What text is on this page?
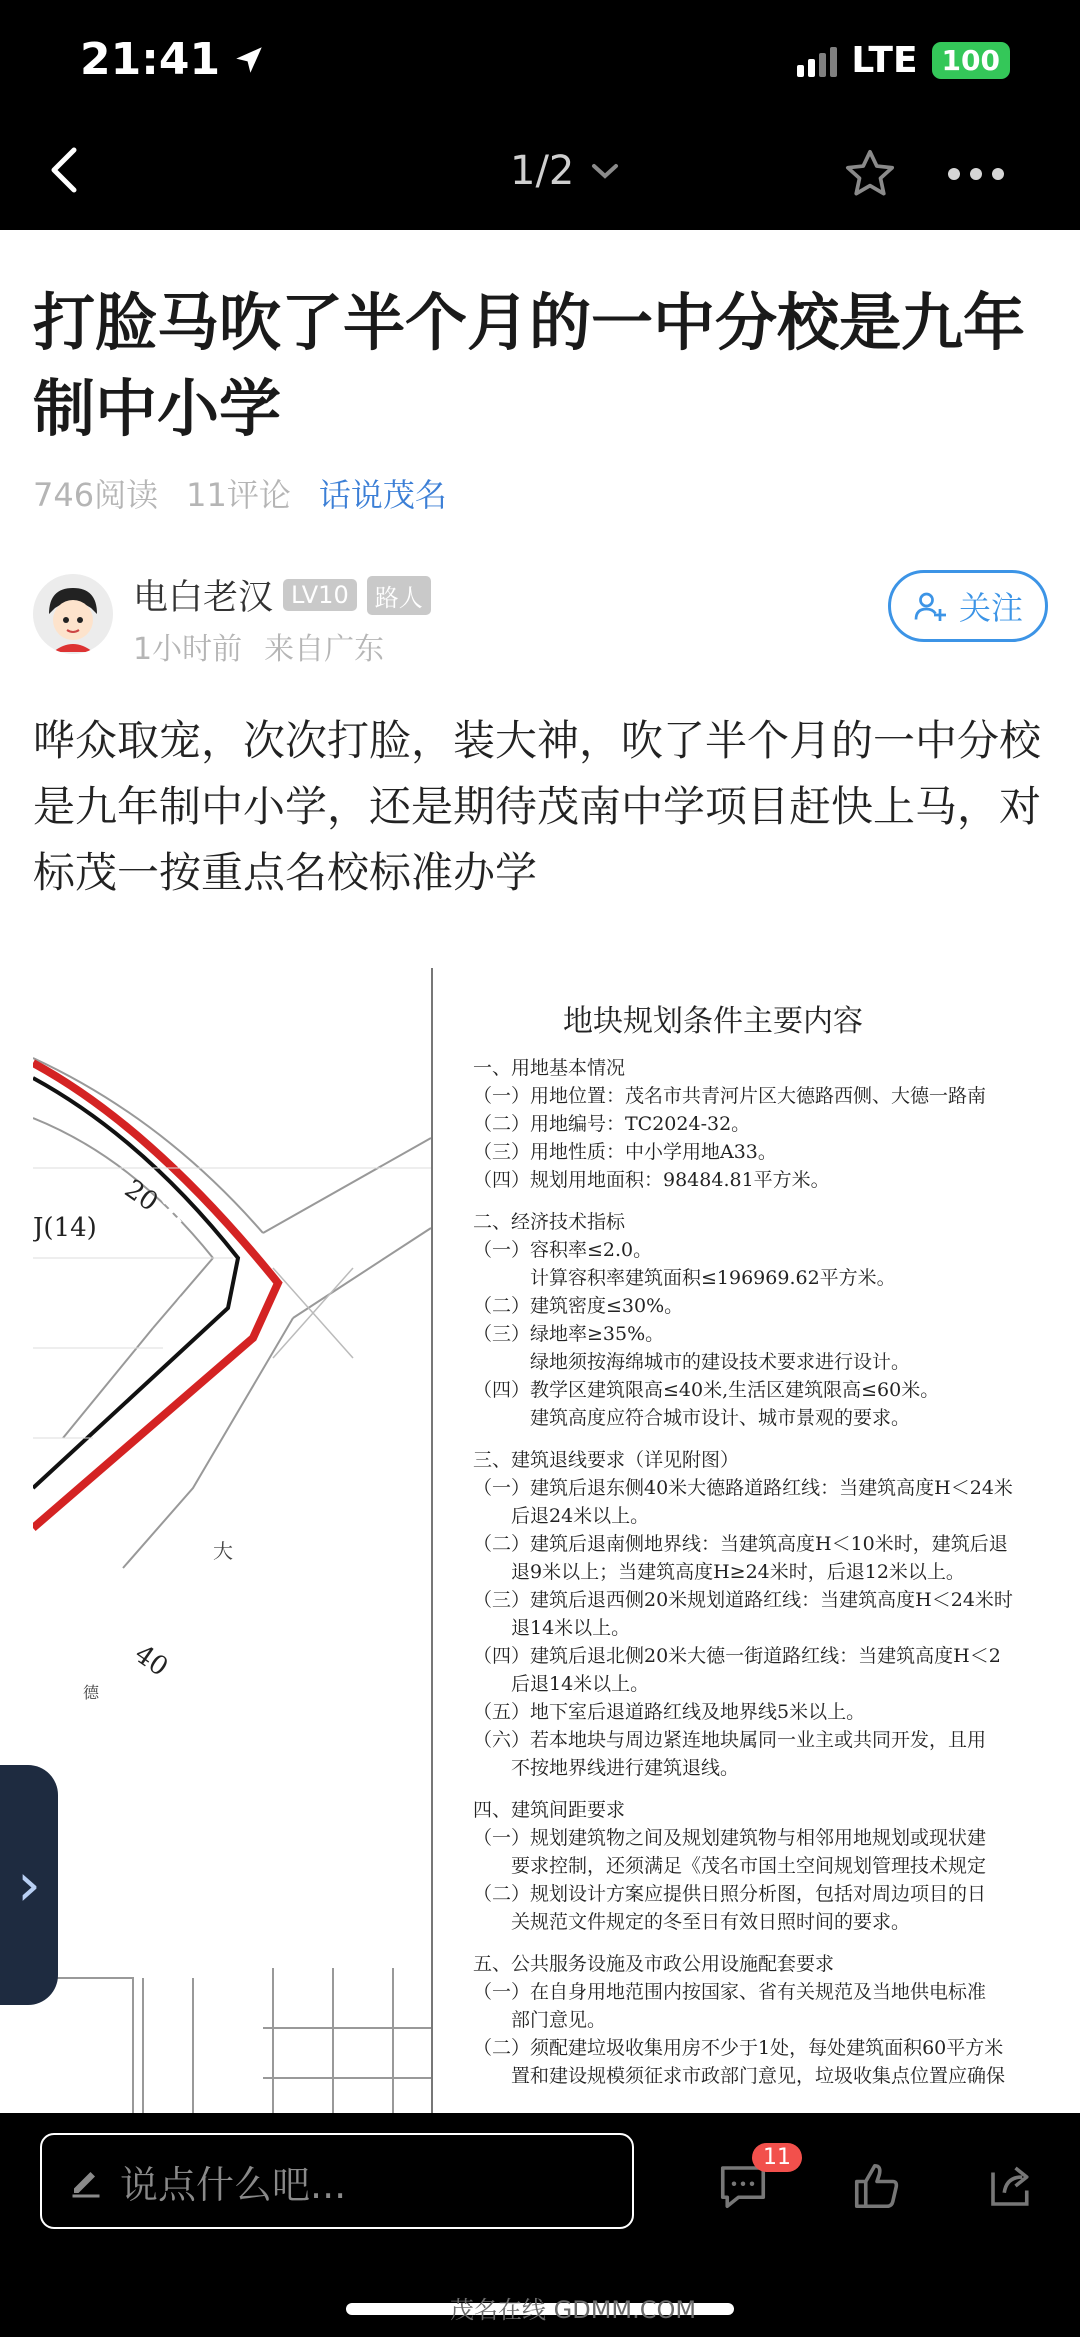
21:41	LTE 100
1/2
打脸马吹了半个月的一中分校是九年制中小学
746阅读 11评论 话说茂名
电白老汉 LV10	路人
1小时前 来自广东
关注
哗众取宠，次次打脸，装大神，吹了半个月的一中分校是九年制中小学，还是期待茂南中学项目赶快上马，对标茂一按重点名校标准办学
J(14)
20
40
大
德
地块规划条件主要内容
一、用地基本情况
（一）用地位置：茂名市共青河片区大德路西侧、大德一路南
（二）用地编号：TC2024-32。
（三）用地性质：中小学用地A33。
（四）规划用地面积：98484.81平方米。
二、经济技术指标
（一）容积率≤2.0。
　　　计算容积率建筑面积≤196969.62平方米。
（二）建筑密度≤30%。
（三）绿地率≥35%。
　　　绿地须按海绵城市的建设技术要求进行设计。
（四）教学区建筑限高≤40米,生活区建筑限高≤60米。
　　　建筑高度应符合城市设计、城市景观的要求。
三、建筑退线要求（详见附图）
（一）建筑后退东侧40米大德路道路红线：当建筑高度H＜24米
　　后退24米以上。
（二）建筑后退南侧地界线：当建筑高度H＜10米时，建筑后退
　　退9米以上；当建筑高度H≥24米时，后退12米以上。
（三）建筑后退西侧20米规划道路红线：当建筑高度H＜24米时
　　退14米以上。
（四）建筑后退北侧20米大德一街道路红线：当建筑高度H＜2
　　后退14米以上。
（五）地下室后退道路红线及地界线5米以上。
（六）若本地块与周边紧连地块属同一业主或共同开发，且用
　　不按地界线进行建筑退线。
四、建筑间距要求
（一）规划建筑物之间及规划建筑物与相邻用地规划或现状建
　　要求控制，还须满足《茂名市国土空间规划管理技术规定
（二）规划设计方案应提供日照分析图，包括对周边项目的日
　　关规范文件规定的冬至日有效日照时间的要求。
五、公共服务设施及市政公用设施配套要求
（一）在自身用地范围内按国家、省有关规范及当地供电标准
　　部门意见。
（二）须配建垃圾收集用房不少于1处，每处建筑面积60平方米
　　置和建设规模须征求市政部门意见，垃圾收集点位置应确保
›
说点什么吧...
11
茂名在线 GDMM.COM
